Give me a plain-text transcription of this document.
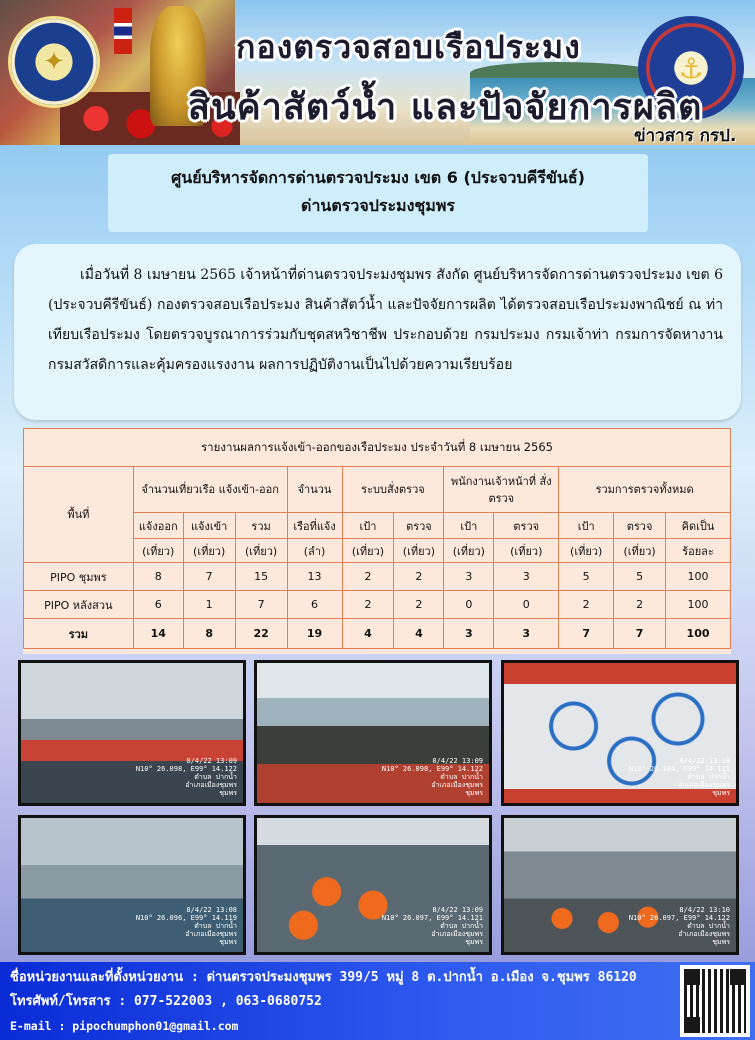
✦	⚓
กองตรวจสอบเรือประมง
สินค้าสัตว์น้ำ และปัจจัยการผลิต
ข่าวสาร กรป.
ศูนย์บริหารจัดการด่านตรวจประมง เขต 6 (ประจวบคีรีขันธ์)
ด่านตรวจประมงชุมพร

เมื่อวันที่ 8 เมษายน 2565 เจ้าหน้าที่ด่านตรวจประมงชุมพร สังกัด ศูนย์บริหารจัดการด่านตรวจประมง เขต 6 (ประจวบคีรีขันธ์) กองตรวจสอบเรือประมง สินค้าสัตว์น้ำ และปัจจัยการผลิต ได้ตรวจสอบเรือประมงพาณิชย์ ณ ท่าเทียบเรือประมง โดยตรวจบูรณาการร่วมกับชุดสหวิชาชีพ ประกอบด้วย กรมประมง กรมเจ้าท่า กรมการจัดหางาน กรมสวัสดิการและคุ้มครองแรงงาน ผลการปฏิบัติงานเป็นไปด้วยความเรียบร้อย

รายงานผลการแจ้งเข้า-ออกของเรือประมง ประจำวันที่ 8 เมษายน 2565											
พื้นที่	จำนวนเที่ยวเรือ แจ้งเข้า-ออก			จำนวน	ระบบสั่งตรวจ		พนักงานเจ้าหน้าที่ สั่งตรวจ		รวมการตรวจทั้งหมด		
	แจ้งออก	แจ้งเข้า	รวม	เรือที่แจ้ง	เป้า	ตรวจ	เป้า	ตรวจ	เป้า	ตรวจ	คิดเป็น
	(เที่ยว)	(เที่ยว)	(เที่ยว)	(ลำ)	(เที่ยว)	(เที่ยว)	(เที่ยว)	(เที่ยว)	(เที่ยว)	(เที่ยว)	ร้อยละ
PIPO ชุมพร	8	7	15	13	2	2	3	3	5	5	100
PIPO หลังสวน	6	1	7	6	2	2	0	0	2	2	100
รวม	14	8	22	19	4	4	3	3	7	7	100
8/4/22 13:09
N10° 26.098, E99° 14.122
ตำบล ปากน้ำ
อำเภอเมืองชุมพร
ชุมพร
8/4/22 13:09
N10° 26.098, E99° 14.122
ตำบล ปากน้ำ
อำเภอเมืองชุมพร
ชุมพร
8/4/22 13:10
N10° 26.104, E99° 14.121
ตำบล ปากน้ำ
อำเภอเมืองชุมพร
ชุมพร
8/4/22 13:08
N10° 26.096, E99° 14.119
ตำบล ปากน้ำ
อำเภอเมืองชุมพร
ชุมพร
8/4/22 13:09
N10° 26.097, E99° 14.121
ตำบล ปากน้ำ
อำเภอเมืองชุมพร
ชุมพร
8/4/22 13:10
N10° 26.097, E99° 14.122
ตำบล ปากน้ำ
อำเภอเมืองชุมพร
ชุมพร
ชื่อหน่วยงานและที่ตั้งหน่วยงาน : ด่านตรวจประมงชุมพร 399/5 หมู่ 8 ต.ปากน้ำ อ.เมือง จ.ชุมพร 86120
โทรศัพท์/โทรสาร : 077-522003 , 063-0680752
E-mail : pipochumphon01@gmail.com
